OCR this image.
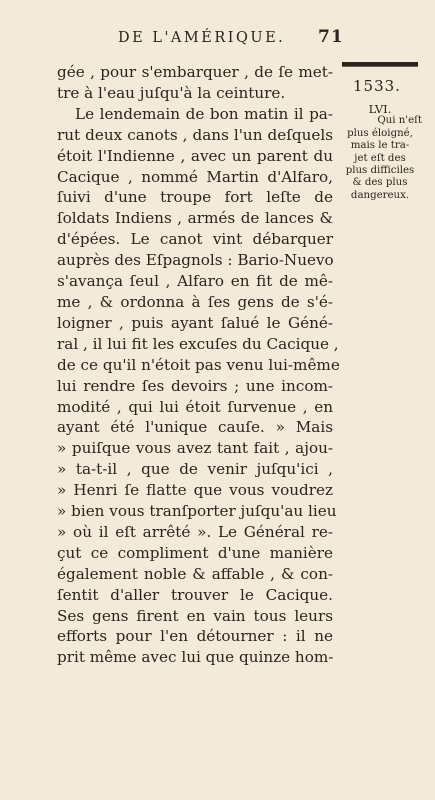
DE L'AMÉRIQUE.	71
1533.
LVI.
Qui n'eſt
plus éloigné,
mais le tra-
jet eſt des
plus difficiles
& des plus
dangereux.
gée , pour s'embarquer , de ſe met-
tre à l'eau juſqu'à la ceinture.
Le lendemain de bon matin il pa-
rut deux canots , dans l'un deſquels
étoit l'Indienne , avec un parent du
Cacique , nommé Martin d'Alfaro,
ſuivi d'une troupe fort leſte de
ſoldats Indiens , armés de lances &
d'épées. Le canot vint débarquer
auprès des Eſpagnols : Bario-Nuevo
s'avança ſeul , Alfaro en fit de mê-
me , & ordonna à ſes gens de s'é-
loigner , puis ayant ſalué le Géné-
ral , il lui fit les excuſes du Cacique ,
de ce qu'il n'étoit pas venu lui-même
lui rendre ſes devoirs ; une incom-
modité , qui lui étoit ſurvenue , en
ayant été l'unique cauſe. » Mais
» puiſque vous avez tant fait , ajou-
» ta-t-il , que de venir juſqu'ici ,
» Henri ſe flatte que vous voudrez
» bien vous tranſporter juſqu'au lieu
» où il eſt arrêté ». Le Général re-
çut ce compliment d'une manière
également noble & affable , & con-
ſentit d'aller trouver le Cacique.
Ses gens firent en vain tous leurs
efforts pour l'en détourner : il ne
prit même avec lui que quinze hom-
